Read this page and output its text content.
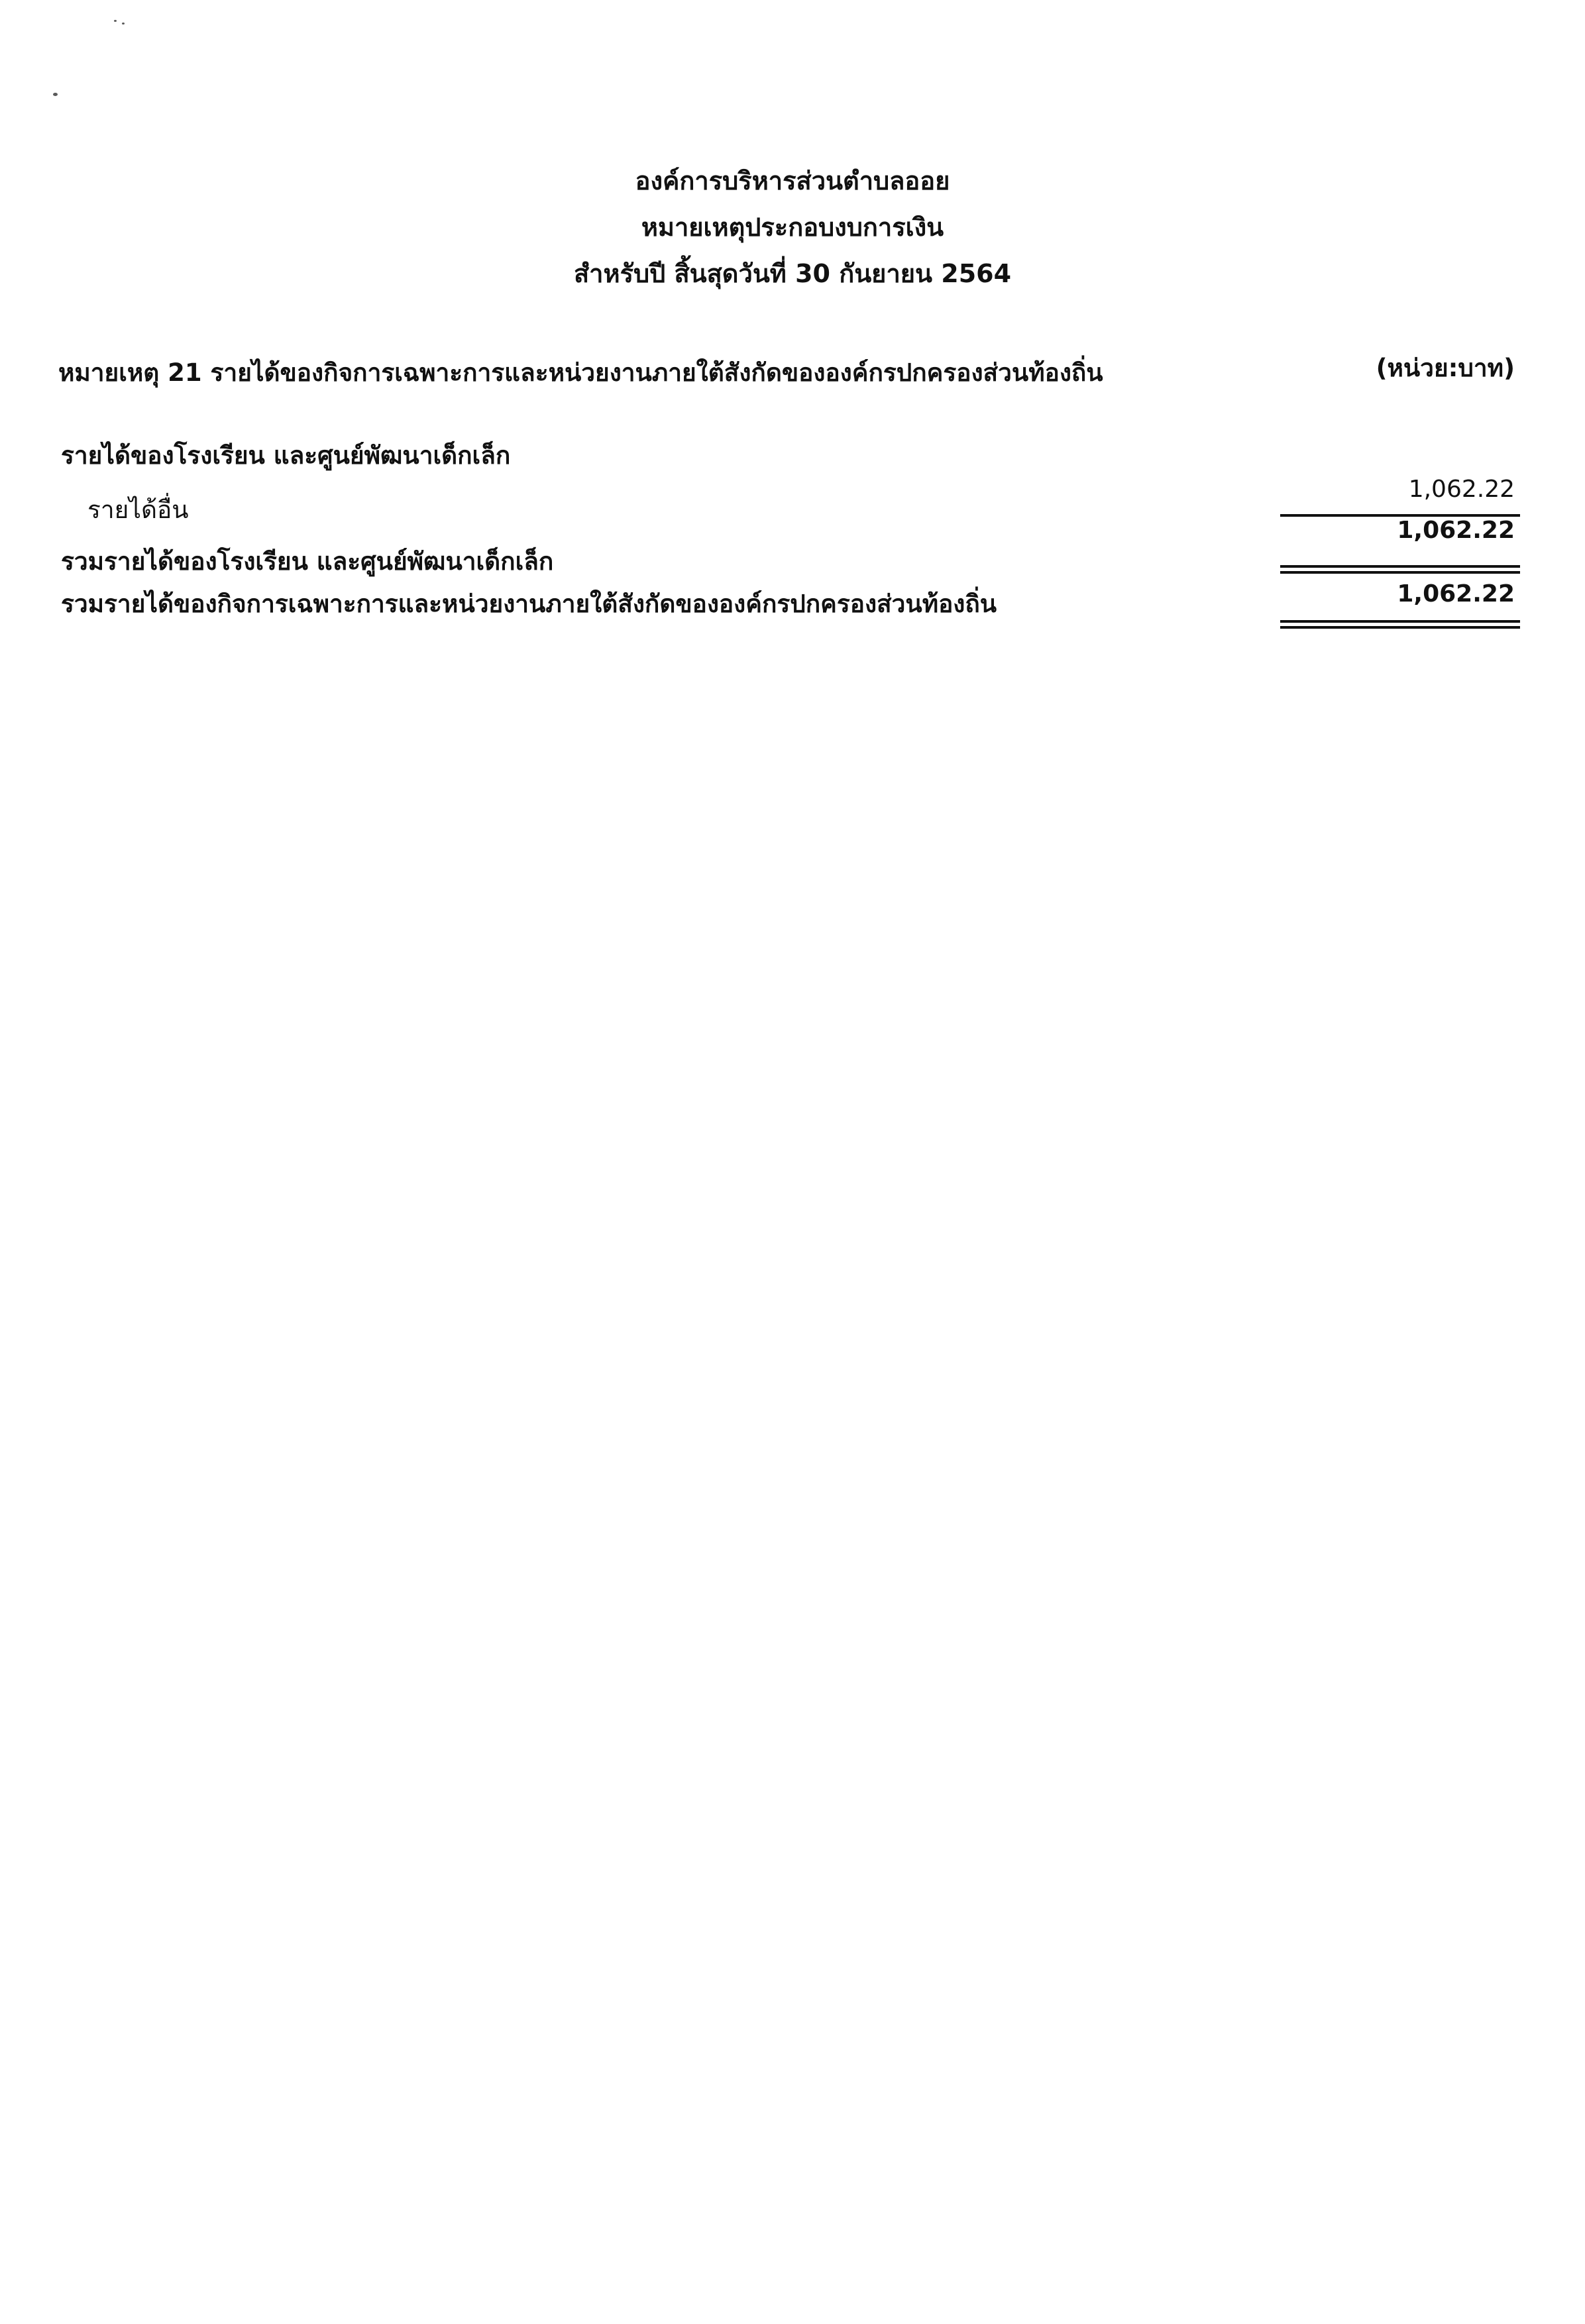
องค์การบริหารส่วนตำบลออย
หมายเหตุประกอบงบการเงิน
สำหรับปี สิ้นสุดวันที่ 30 กันยายน 2564
หมายเหตุ 21 รายได้ของกิจการเฉพาะการและหน่วยงานภายใต้สังกัดขององค์กรปกครองส่วนท้องถิ่น	(หน่วย:บาท)
รายได้ของโรงเรียน และศูนย์พัฒนาเด็กเล็ก
รายได้อื่น
1,062.22
รวมรายได้ของโรงเรียน และศูนย์พัฒนาเด็กเล็ก
1,062.22
รวมรายได้ของกิจการเฉพาะการและหน่วยงานภายใต้สังกัดขององค์กรปกครองส่วนท้องถิ่น	1,062.22
